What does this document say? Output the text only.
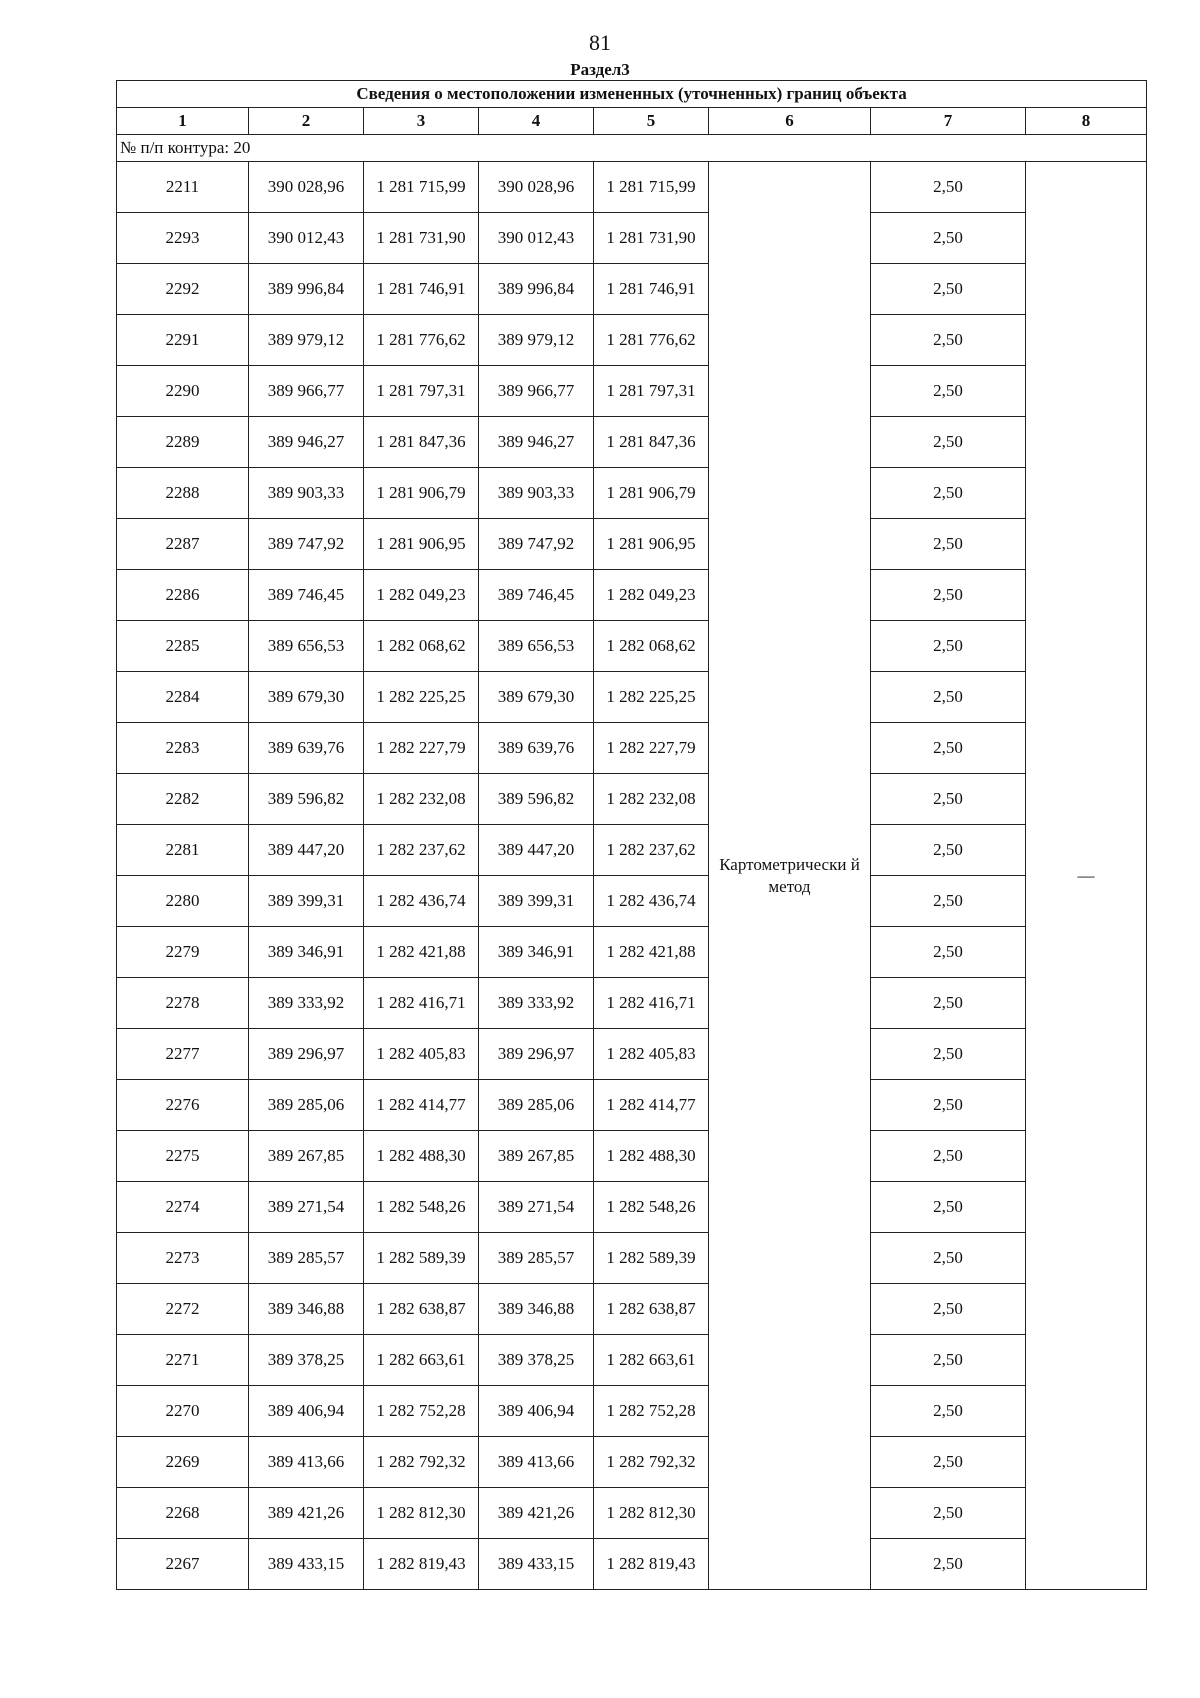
81
Раздел3
Сведения о местоположении измененных (уточненных) границ объекта							
1	2	3	4	5	6	7	8
№ п/п контура: 20							
2211	390 028,96	1 281 715,99	390 028,96	1 281 715,99	Картометрически й метод	2,50	—
2293	390 012,43	1 281 731,90	390 012,43	1 281 731,90		2,50	
2292	389 996,84	1 281 746,91	389 996,84	1 281 746,91		2,50	
2291	389 979,12	1 281 776,62	389 979,12	1 281 776,62		2,50	
2290	389 966,77	1 281 797,31	389 966,77	1 281 797,31		2,50	
2289	389 946,27	1 281 847,36	389 946,27	1 281 847,36		2,50	
2288	389 903,33	1 281 906,79	389 903,33	1 281 906,79		2,50	
2287	389 747,92	1 281 906,95	389 747,92	1 281 906,95		2,50	
2286	389 746,45	1 282 049,23	389 746,45	1 282 049,23		2,50	
2285	389 656,53	1 282 068,62	389 656,53	1 282 068,62		2,50	
2284	389 679,30	1 282 225,25	389 679,30	1 282 225,25		2,50	
2283	389 639,76	1 282 227,79	389 639,76	1 282 227,79		2,50	
2282	389 596,82	1 282 232,08	389 596,82	1 282 232,08		2,50	
2281	389 447,20	1 282 237,62	389 447,20	1 282 237,62		2,50	
2280	389 399,31	1 282 436,74	389 399,31	1 282 436,74		2,50	
2279	389 346,91	1 282 421,88	389 346,91	1 282 421,88		2,50	
2278	389 333,92	1 282 416,71	389 333,92	1 282 416,71		2,50	
2277	389 296,97	1 282 405,83	389 296,97	1 282 405,83		2,50	
2276	389 285,06	1 282 414,77	389 285,06	1 282 414,77		2,50	
2275	389 267,85	1 282 488,30	389 267,85	1 282 488,30		2,50	
2274	389 271,54	1 282 548,26	389 271,54	1 282 548,26		2,50	
2273	389 285,57	1 282 589,39	389 285,57	1 282 589,39		2,50	
2272	389 346,88	1 282 638,87	389 346,88	1 282 638,87		2,50	
2271	389 378,25	1 282 663,61	389 378,25	1 282 663,61		2,50	
2270	389 406,94	1 282 752,28	389 406,94	1 282 752,28		2,50	
2269	389 413,66	1 282 792,32	389 413,66	1 282 792,32		2,50	
2268	389 421,26	1 282 812,30	389 421,26	1 282 812,30		2,50	
2267	389 433,15	1 282 819,43	389 433,15	1 282 819,43		2,50	
